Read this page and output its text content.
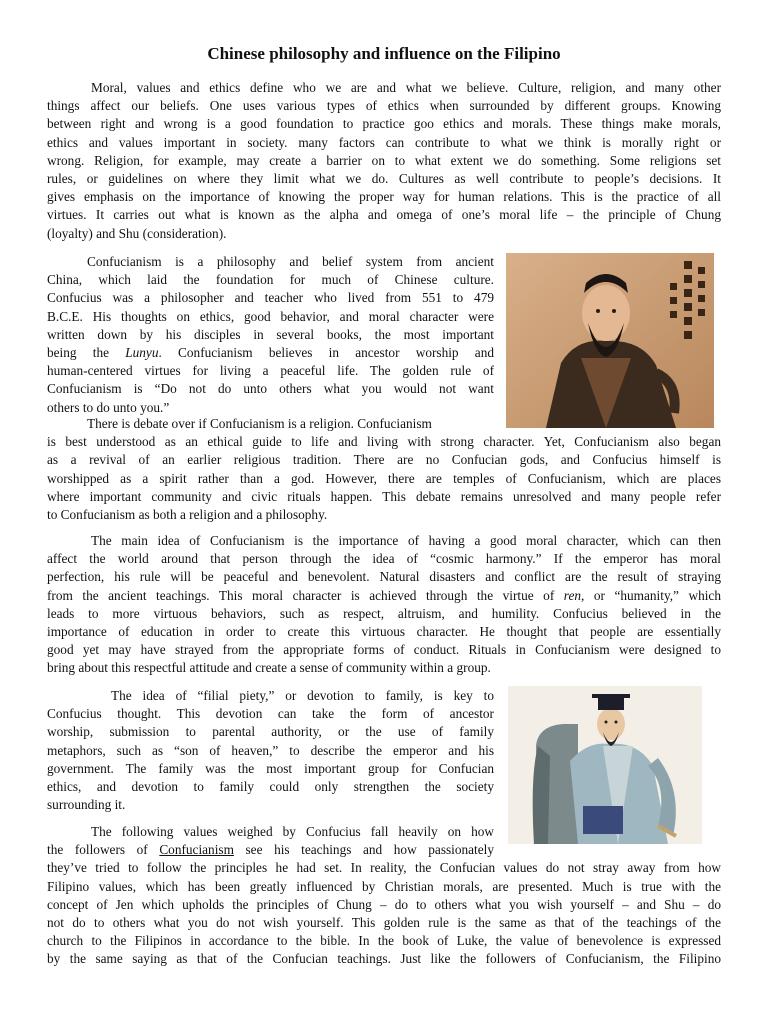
Chinese philosophy and influence on the Filipino
Moral, values and ethics define who we are and what we believe. Culture, religion, and many other
things affect our beliefs. One uses various types of ethics when surrounded by different groups. Knowing
between right and wrong is a good foundation to practice goo ethics and morals. These things make morals,
ethics and values important in society. many factors can contribute to what we think is morally right or
wrong. Religion, for example, may create a barrier on to what extent we do something. Some religions set
rules, or guidelines on where they limit what we do. Cultures as well contribute to people’s decisions. It
gives emphasis on the importance of knowing the proper way for human relations. This is the practice of all
virtues. It carries out what is known as the alpha and omega of one’s moral life – the principle of Chung
(loyalty) and Shu (consideration).
Confucianism is a philosophy and belief system from ancient
China, which laid the foundation for much of Chinese culture.
Confucius was a philosopher and teacher who lived from 551 to 479
B.C.E. His thoughts on ethics, good behavior, and moral character were
written down by his disciples in several books, the most important
being the Lunyu. Confucianism believes in ancestor worship and
human-centered virtues for living a peaceful life. The golden rule of
Confucianism is “Do not do unto others what you would not want
others to do unto you.”
There is debate over if Confucianism is a religion. Confucianism
is best understood as an ethical guide to life and living with strong character. Yet, Confucianism also began
as a revival of an earlier religious tradition. There are no Confucian gods, and Confucius himself is
worshipped as a spirit rather than a god. However, there are temples of Confucianism, which are places
where important community and civic rituals happen. This debate remains unresolved and many people refer
to Confucianism as both a religion and a philosophy.
The main idea of Confucianism is the importance of having a good moral character, which can then
affect the world around that person through the idea of “cosmic harmony.” If the emperor has moral
perfection, his rule will be peaceful and benevolent. Natural disasters and conflict are the result of straying
from the ancient teachings. This moral character is achieved through the virtue of ren, or “humanity,” which
leads to more virtuous behaviors, such as respect, altruism, and humility. Confucius believed in the
importance of education in order to create this virtuous character. He thought that people are essentially
good yet may have strayed from the appropriate forms of conduct. Rituals in Confucianism were designed to
bring about this respectful attitude and create a sense of community within a group.
The idea of “filial piety,” or devotion to family, is key to
Confucius thought. This devotion can take the form of ancestor
worship, submission to parental authority, or the use of family
metaphors, such as “son of heaven,” to describe the emperor and his
government. The family was the most important group for Confucian
ethics, and devotion to family could only strengthen the society
surrounding it.
The following values weighed by Confucius fall heavily on how
the followers of Confucianism see his teachings and how passionately
they’ve tried to follow the principles he had set. In reality, the Confucian values do not stray away from how
Filipino values, which has been greatly influenced by Christian morals, are presented. Much is true with the
concept of Jen which upholds the principles of Chung – do to others what you wish yourself – and Shu – do
not do to others what you do not wish yourself. This golden rule is the same as that of the teachings of the
church to the Filipinos in accordance to the bible. In the book of Luke, the value of benevolence is expressed
by the same saying as that of the Confucian teachings. Just like the followers of Confucianism, the Filipino
